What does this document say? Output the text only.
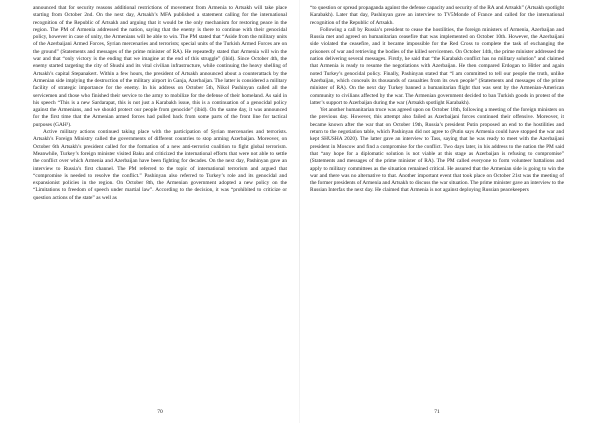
announced that for security reasons additional restrictions of movement from Armenia to Artsakh will take place starting from October 2nd. On the next day, Artsakh’s MFA published a statement calling for the international recognition of the Republic of Artsakh and arguing that it would be the only mechanism for restoring peace in the region. The PM of Armenia addressed the nation, saying that the enemy is there to continue with their genocidal policy, however in case of unity, the Armenians will be able to win. The PM stated that “Aside from the military units of the Azerbaijani Armed Forces, Syrian mercenaries and terrorists; special units of the Turkish Armed Forces are on the ground” (Statements and messages of the prime minister of RA). He repeatedly stated that Armenia will win the war and that “only victory is the ending that we imagine at the end of this struggle” (ibid). Since October 4th, the enemy started targeting the city of Shushi and its vital civilian infrastructure, while continuing the heavy shelling of Artsakh’s capital Stepanakert. Within a few hours, the president of Artsakh announced about a counterattack by the Armenian side implying the destruction of the military airport in Ganja, Azerbaijan. The latter is considered a military facility of strategic importance for the enemy. In his address on October 5th, Nikol Pashinyan called all the servicemen and those who finished their service to the army to mobilize for the defense of their homeland. As said in his speech “This is a new Sardarapat, this is not just a Karabakh issue, this is a continuation of a genocidal policy against the Armenians, and we should protect our people from genocide” (ibid). On the same day, it was announced for the first time that the Armenian armed forces had pulled back from some parts of the front line for tactical purposes (GAH¹).

Active military actions continued taking place with the participation of Syrian mercenaries and terrorists. Artsakh’s Foreign Ministry called the governments of different countries to stop arming Azerbaijan. Moreover, on October 6th Artsakh’s president called for the formation of a new anti-terrorist coalition to fight global terrorism. Meanwhile, Turkey’s foreign minister visited Baku and criticized the international efforts that were not able to settle the conflict over which Armenia and Azerbaijan have been fighting for decades. On the next day, Pashinyan gave an interview to Russia’s first channel. The PM referred to the topic of international terrorism and argued that “compromise is needed to resolve the conflict.” Pashinyan also referred to Turkey’s role and its genocidal and expansionist policies in the region. On October 8th, the Armenian government adopted a new policy on the “Limitations to freedom of speech under martial law”. According to the decision, it was “prohibited to criticize or question actions of the state” as well as

“to question or spread propaganda against the defense capacity and security of the RA and Artsakh” (Artsakh spotlight Karabakh). Later that day, Pashinyan gave an interview to TV5Monde of France and called for the international recognition of the Republic of Artsakh.

Following a call by Russia’s president to cease the hostilities, the foreign ministers of Armenia, Azerbaijan and Russia met and agreed on humanitarian ceasefire that was implemented on October 10th. However, the Azerbaijani side violated the ceasefire, and it became impossible for the Red Cross to complete the task of exchanging the prisoners of war and retrieving the bodies of the killed servicemen. On October 14th, the prime minister addressed the nation delivering several messages. Firstly, he said that “the Karabakh conflict has no military solution” and claimed that Armenia is ready to resume the negotiations with Azerbaijan. He then compared Erdogan to Hitler and again noted Turkey’s genocidal policy. Finally, Pashinyan stated that “I am committed to tell our people the truth, unlike Azerbaijan, which conceals its thousands of casualties from its own people” (Statements and messages of the prime minister of RA). On the next day Turkey banned a humanitarian flight that was sent by the Armenian-American community to civilians affected by the war. The Armenian government decided to ban Turkish goods in protest of the latter’s support to Azerbaijan during the war (Artsakh spotlight Karabakh).

Yet another humanitarian truce was agreed upon on October 18th, following a meeting of the foreign ministers on the previous day. However, this attempt also failed as Azerbaijani forces continued their offensive. Moreover, it became known after the war that on October 19th, Russia’s president Putin proposed an end to the hostilities and return to the negotiation table, which Pashinyan did not agree to (Putin says Armenia could have stopped the war and kept SHUSHA 2020). The latter gave an interview to Tass, saying that he was ready to meet with the Azerbaijani president in Moscow and find a compromise for the conflict. Two days later, in his address to the nation the PM said that “any hope for a diplomatic solution is not viable at this stage as Azerbaijan is refusing to compromise” (Statements and messages of the prime minister of RA). The PM called everyone to form volunteer battalions and apply to military committees as the situation remained critical. He assured that the Armenian side is going to win the war and there was no alternative to that. Another important event that took place on October 21st was the meeting of the former presidents of Armenia and Artsakh to discuss the war situation. The prime minister gave an interview to the Russian Interfax the next day. He claimed that Armenia is not against deploying Russian peacekeepers

70	71
